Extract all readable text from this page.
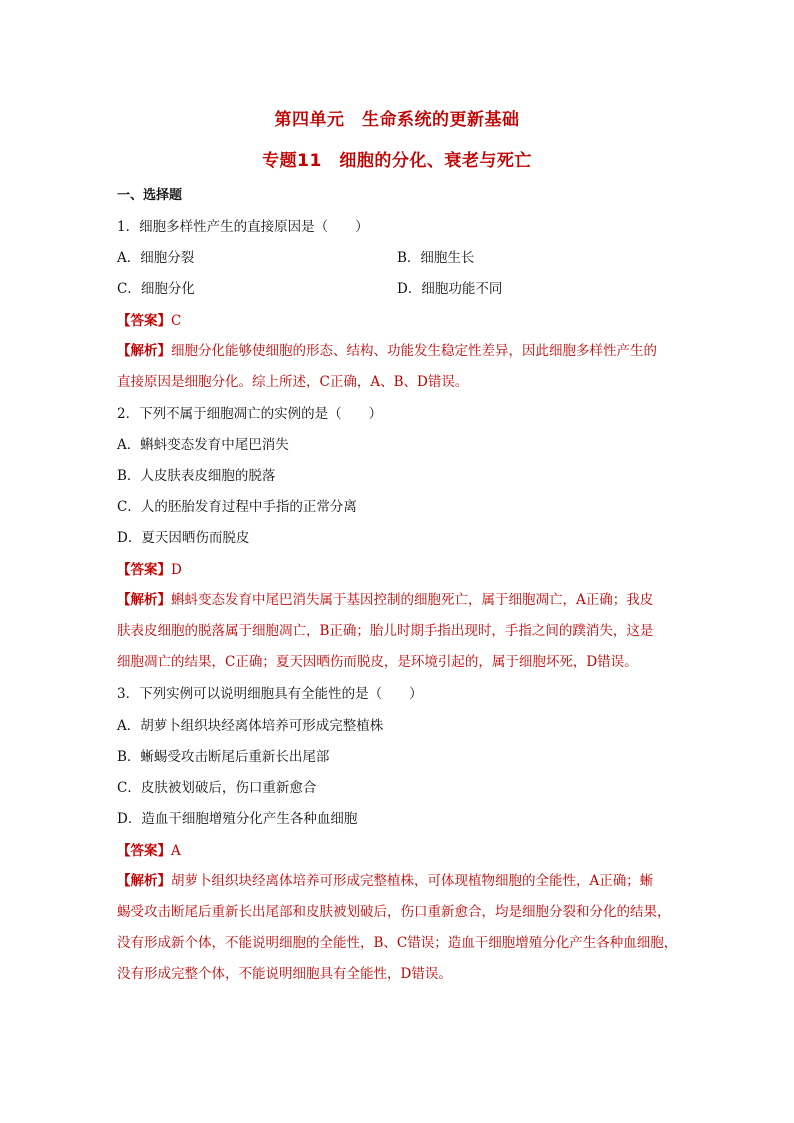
第四单元　生命系统的更新基础
专题11　细胞的分化、衰老与死亡
一、选择题
1．细胞多样性产生的直接原因是（　　）
A．细胞分裂	B．细胞生长
C．细胞分化	D．细胞功能不同
【答案】C
【解析】细胞分化能够使细胞的形态、结构、功能发生稳定性差异，因此细胞多样性产生的
直接原因是细胞分化。综上所述，C正确，A、B、D错误。
2．下列不属于细胞凋亡的实例的是（　　）
A．蝌蚪变态发育中尾巴消失
B．人皮肤表皮细胞的脱落
C．人的胚胎发育过程中手指的正常分离
D．夏天因晒伤而脱皮
【答案】D
【解析】蝌蚪变态发育中尾巴消失属于基因控制的细胞死亡，属于细胞凋亡，A正确；我皮
肤表皮细胞的脱落属于细胞凋亡，B正确；胎儿时期手指出现时，手指之间的蹼消失，这是
细胞凋亡的结果，C正确；夏天因晒伤而脱皮，是环境引起的，属于细胞坏死，D错误。
3．下列实例可以说明细胞具有全能性的是（　　）
A．胡萝卜组织块经离体培养可形成完整植株
B．蜥蜴受攻击断尾后重新长出尾部
C．皮肤被划破后，伤口重新愈合
D．造血干细胞增殖分化产生各种血细胞
【答案】A
【解析】胡萝卜组织块经离体培养可形成完整植株，可体现植物细胞的全能性，A正确；蜥
蜴受攻击断尾后重新长出尾部和皮肤被划破后，伤口重新愈合，均是细胞分裂和分化的结果，
没有形成新个体，不能说明细胞的全能性，B、C错误；造血干细胞增殖分化产生各种血细胞，
没有形成完整个体，不能说明细胞具有全能性，D错误。
